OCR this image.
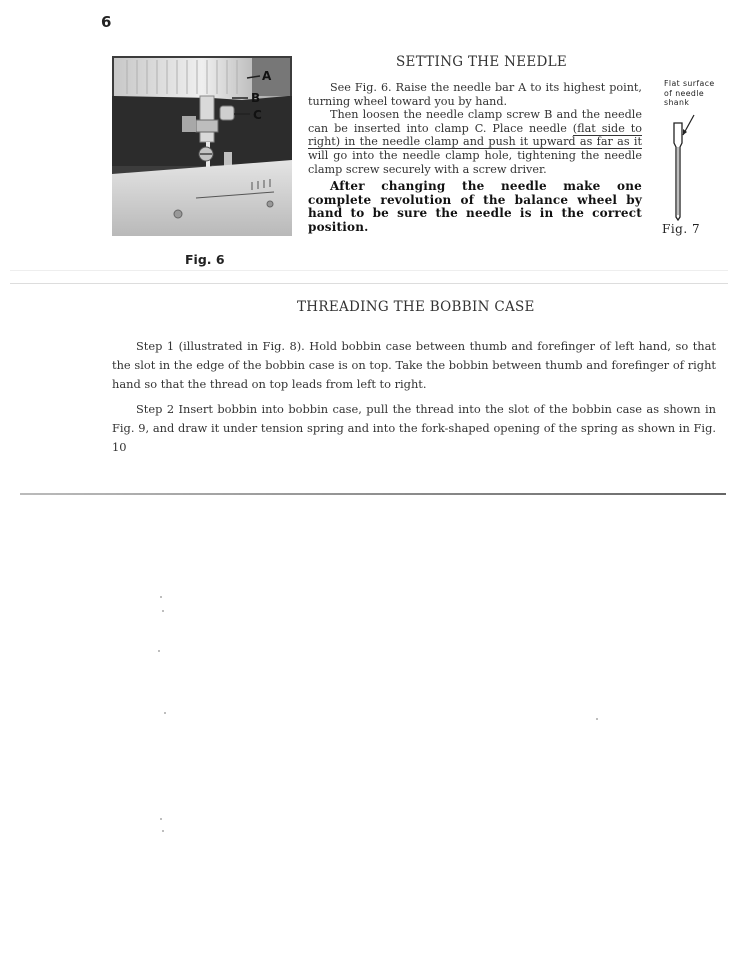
6
A
B
C
Fig. 6
SETTING THE NEEDLE

See Fig. 6. Raise the needle bar A to its highest point, turning wheel toward you by hand.

Then loosen the needle clamp screw B and the needle can be inserted into clamp C. Place needle (flat side to right) in the needle clamp and push it upward as far as it will go into the needle clamp hole, tightening the needle clamp screw securely with a screw driver.

After changing the needle make one complete revolution of the balance wheel by hand to be sure the needle is in the correct position.

Flat surface
of needle
shank
Fig. 7
THREADING THE BOBBIN CASE

Step 1 (illustrated in Fig. 8). Hold bobbin case between thumb and forefinger of left hand, so that the slot in the edge of the bobbin case is on top. Take the bobbin between thumb and forefinger of right hand so that the thread on top leads from left to right.

Step 2 Insert bobbin into bobbin case, pull the thread into the slot of the bobbin case as shown in Fig. 9, and draw it under tension spring and into the fork-shaped opening of the spring as shown in Fig. 10
